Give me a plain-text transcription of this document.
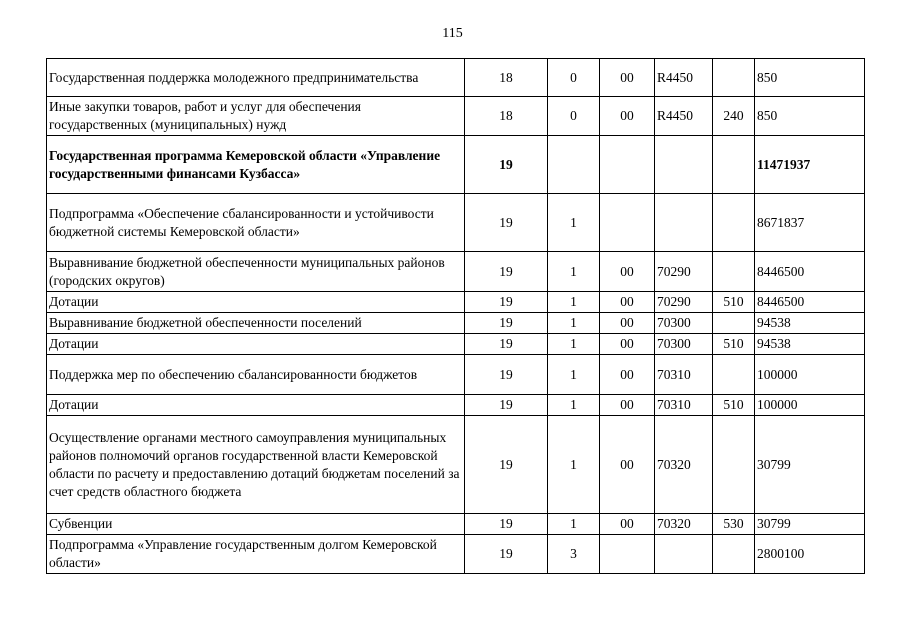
115
Государственная поддержка молодежного предпринимательства	18	0	00	R4450		850
Иные закупки товаров, работ и услуг для обеспечения государственных (муниципальных) нужд	18	0	00	R4450	240	850
Государственная программа Кемеровской области «Управление государственными финансами Кузбасса»	19					11471937
Подпрограмма «Обеспечение сбалансированности и устойчивости бюджетной системы Кемеровской области»	19	1				8671837
Выравнивание бюджетной обеспеченности муниципальных районов (городских округов)	19	1	00	70290		8446500
Дотации	19	1	00	70290	510	8446500
Выравнивание бюджетной обеспеченности поселений	19	1	00	70300		94538
Дотации	19	1	00	70300	510	94538
Поддержка мер по обеспечению сбалансированности бюджетов	19	1	00	70310		100000
Дотации	19	1	00	70310	510	100000
Осуществление органами местного самоуправления муниципальных районов полномочий органов государственной власти Кемеровской области по расчету и предоставлению дотаций бюджетам поселений за счет средств областного бюджета	19	1	00	70320		30799
Субвенции	19	1	00	70320	530	30799
Подпрограмма «Управление государственным долгом Кемеровской области»	19	3				2800100
